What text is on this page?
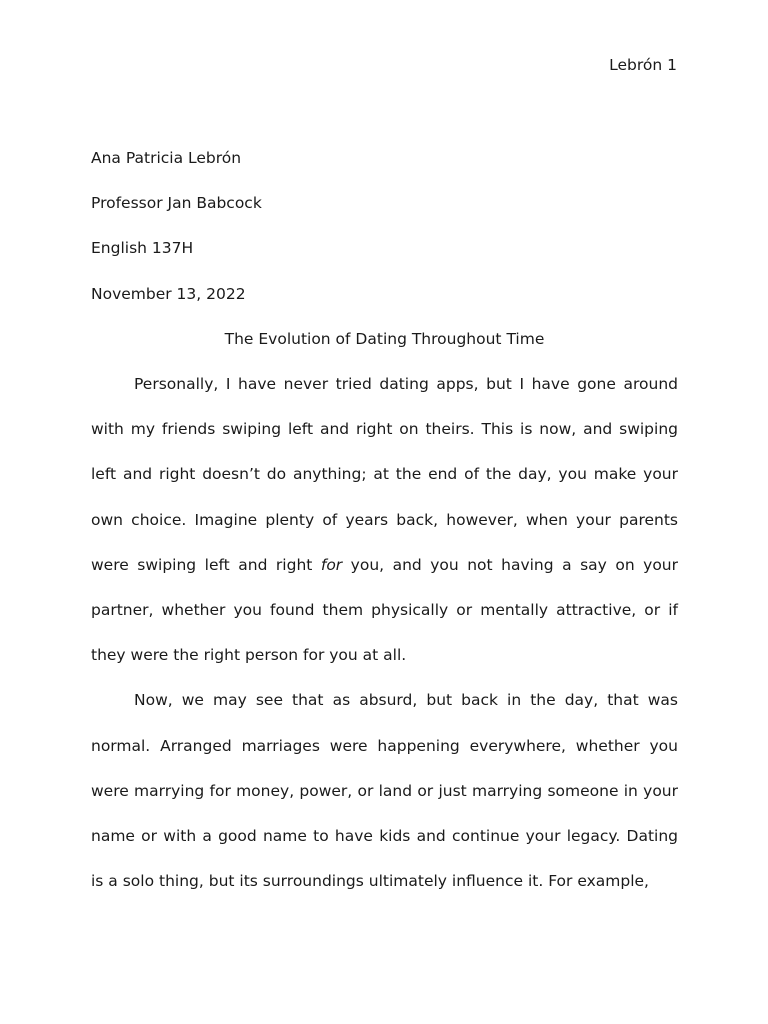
Lebrón 1

Ana Patricia Lebrón

Professor Jan Babcock

English 137H

November 13, 2022

The Evolution of Dating Throughout Time

Personally, I have never tried dating apps, but I have gone around
with my friends swiping left and right on theirs. This is now, and swiping
left and right doesn’t do anything; at the end of the day, you make your
own choice. Imagine plenty of years back, however, when your parents
were swiping left and right for you, and you not having a say on your
partner, whether you found them physically or mentally attractive, or if
they were the right person for you at all.
Now, we may see that as absurd, but back in the day, that was
normal. Arranged marriages were happening everywhere, whether you
were marrying for money, power, or land or just marrying someone in your
name or with a good name to have kids and continue your legacy. Dating
is a solo thing, but its surroundings ultimately influence it. For example,
